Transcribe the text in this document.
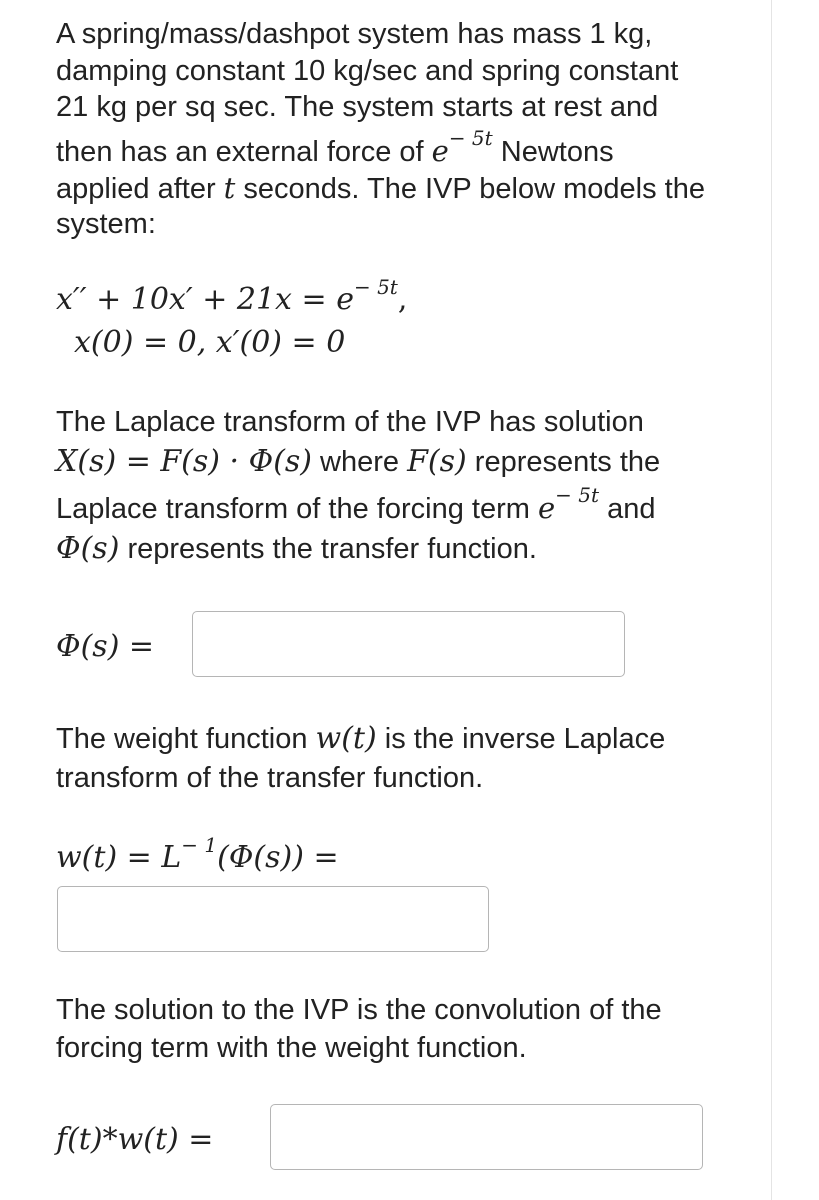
A spring/mass/dashpot system has mass 1 kg,

damping constant 10 kg/sec and spring constant

21 kg per sq sec. The system starts at rest and

then has an external force of $e^{- 5t}$ Newtons

applied after t seconds. The IVP below models the

system:

$x'' + 10x' + 21x = e^{- 5t}$,

x(0) = 0, x′(0) = 0

The Laplace transform of the IVP has solution

X(s) = F(s) · Φ(s) where F(s) represents the

Laplace transform of the forcing term $e^{- 5t}$ and

Φ(s) represents the transfer function.

Φ(s) =

The weight function w(t) is the inverse Laplace

transform of the transfer function.

$w(t) = L^{- 1}(\Phi(s))$ =

The solution to the IVP is the convolution of the

forcing term with the weight function.

f(t)*w(t) =
